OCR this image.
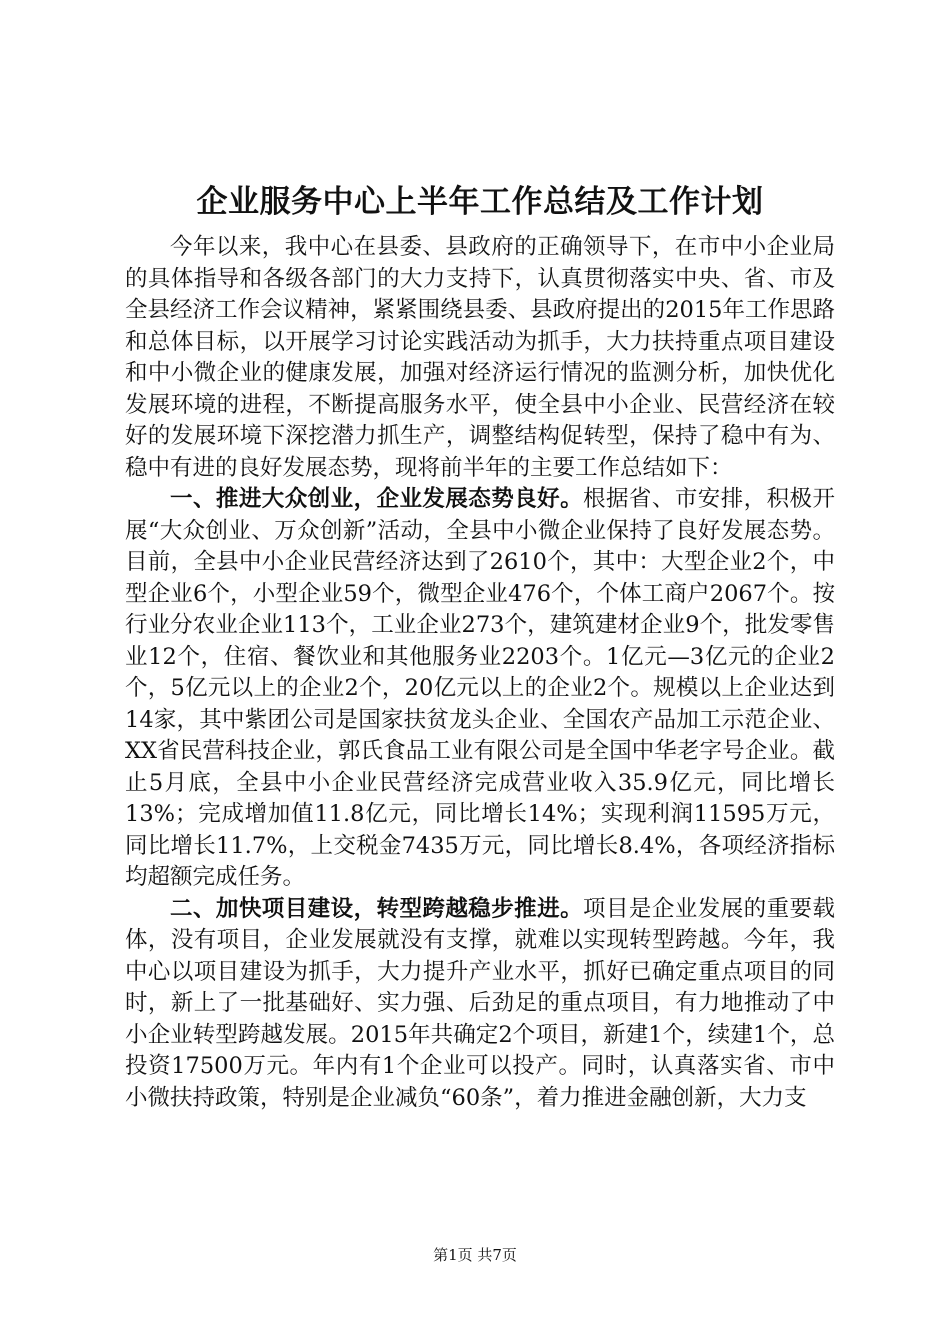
企业服务中心上半年工作总结及工作计划

今年以来，我中心在县委、县政府的正确领导下，在市中小企业局的具体指导和各级各部门的大力支持下，认真贯彻落实中央、省、市及全县经济工作会议精神，紧紧围绕县委、县政府提出的2015年工作思路和总体目标，以开展学习讨论实践活动为抓手，大力扶持重点项目建设和中小微企业的健康发展，加强对经济运行情况的监测分析，加快优化发展环境的进程，不断提高服务水平，使全县中小企业、民营经济在较好的发展环境下深挖潜力抓生产，调整结构促转型，保持了稳中有为、稳中有进的良好发展态势，现将前半年的主要工作总结如下：

一、推进大众创业，企业发展态势良好。根据省、市安排，积极开展“大众创业、万众创新”活动，全县中小微企业保持了良好发展态势。目前，全县中小企业民营经济达到了2610个，其中：大型企业2个，中型企业6个，小型企业59个，微型企业476个，个体工商户2067个。按行业分农业企业113个，工业企业273个，建筑建材企业9个，批发零售业12个，住宿、餐饮业和其他服务业2203个。1亿元—3亿元的企业2个，5亿元以上的企业2个，20亿元以上的企业2个。规模以上企业达到14家，其中紫团公司是国家扶贫龙头企业、全国农产品加工示范企业、XX省民营科技企业，郭氏食品工业有限公司是全国中华老字号企业。截止5月底，全县中小企业民营经济完成营业收入35.9亿元，同比增长13%；完成增加值11.8亿元，同比增长14%；实现利润11595万元，同比增长11.7%，上交税金7435万元，同比增长8.4%，各项经济指标均超额完成任务。

二、加快项目建设，转型跨越稳步推进。项目是企业发展的重要载体，没有项目，企业发展就没有支撑，就难以实现转型跨越。今年，我中心以项目建设为抓手，大力提升产业水平，抓好已确定重点项目的同时，新上了一批基础好、实力强、后劲足的重点项目，有力地推动了中小企业转型跨越发展。2015年共确定2个项目，新建1个，续建1个，总投资17500万元。年内有1个企业可以投产。同时，认真落实省、市中小微扶持政策，特别是企业减负“60条”，着力推进金融创新，大力支

第1页 共7页
